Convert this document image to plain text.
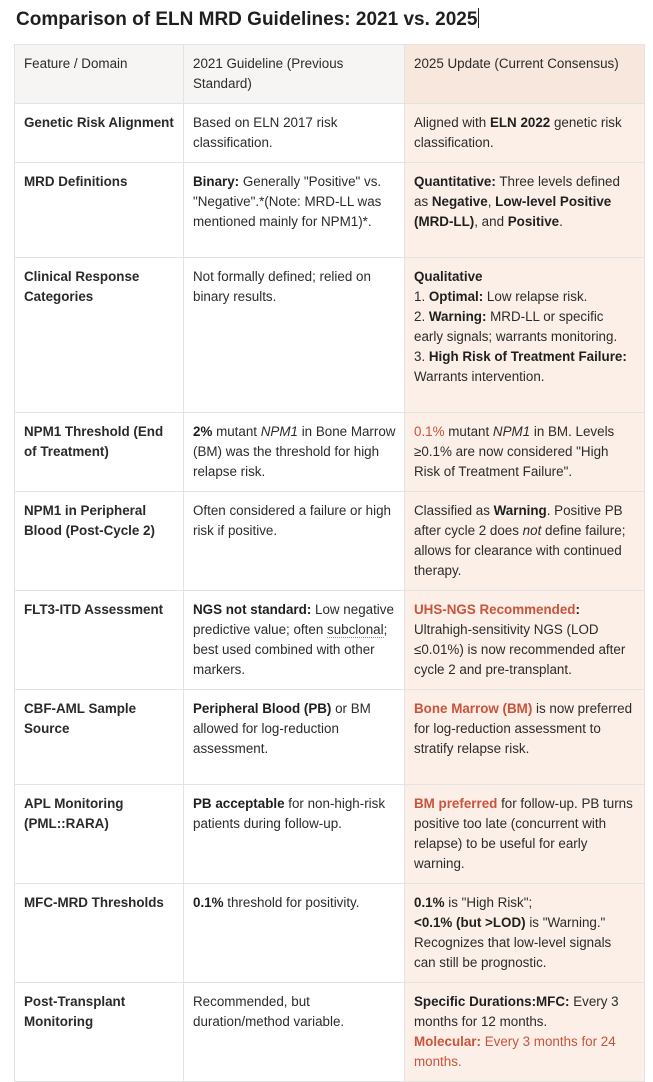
Comparison of ELN MRD Guidelines: 2021 vs. 2025
Feature / Domain	2021 Guideline (Previous Standard)	2025 Update (Current Consensus)
Genetic Risk Alignment	Based on ELN 2017 risk classification.	Aligned with ELN 2022 genetic risk classification.
MRD Definitions	Binary: Generally "Positive" vs. "Negative".*(Note: MRD-LL was mentioned mainly for NPM1)*.	Quantitative: Three levels defined as Negative, Low-level Positive (MRD-LL), and Positive.
Clinical Response Categories	Not formally defined; relied on binary results.	Qualitative
1. Optimal: Low relapse risk.
2. Warning: MRD-LL or specific early signals; warrants monitoring.
3. High Risk of Treatment Failure: Warrants intervention.

NPM1 Threshold (End of Treatment)	2% mutant NPM1 in Bone Marrow (BM) was the threshold for high relapse risk.	0.1% mutant NPM1 in BM. Levels ≥0.1% are now considered "High Risk of Treatment Failure".
NPM1 in Peripheral Blood (Post-Cycle 2)	Often considered a failure or high risk if positive.	Classified as Warning. Positive PB after cycle 2 does not define failure; allows for clearance with continued therapy.
FLT3-ITD Assessment	NGS not standard: Low negative predictive value; often subclonal; best used combined with other markers.	UHS-NGS Recommended: Ultrahigh-sensitivity NGS (LOD ≤0.01%) is now recommended after cycle 2 and pre-transplant.
CBF-AML Sample Source	Peripheral Blood (PB) or BM allowed for log-reduction assessment.	Bone Marrow (BM) is now preferred for log-reduction assessment to stratify relapse risk.
APL Monitoring (PML::RARA)	PB acceptable for non-high-risk patients during follow-up.	BM preferred for follow-up. PB turns positive too late (concurrent with relapse) to be useful for early warning.
MFC-MRD Thresholds	0.1% threshold for positivity.	0.1% is "High Risk";
<0.1% (but >LOD) is "Warning." Recognizes that low-level signals can still be prognostic.
Post-Transplant Monitoring	Recommended, but duration/method variable.	Specific Durations:MFC: Every 3 months for 12 months.
Molecular: Every 3 months for 24 months.
